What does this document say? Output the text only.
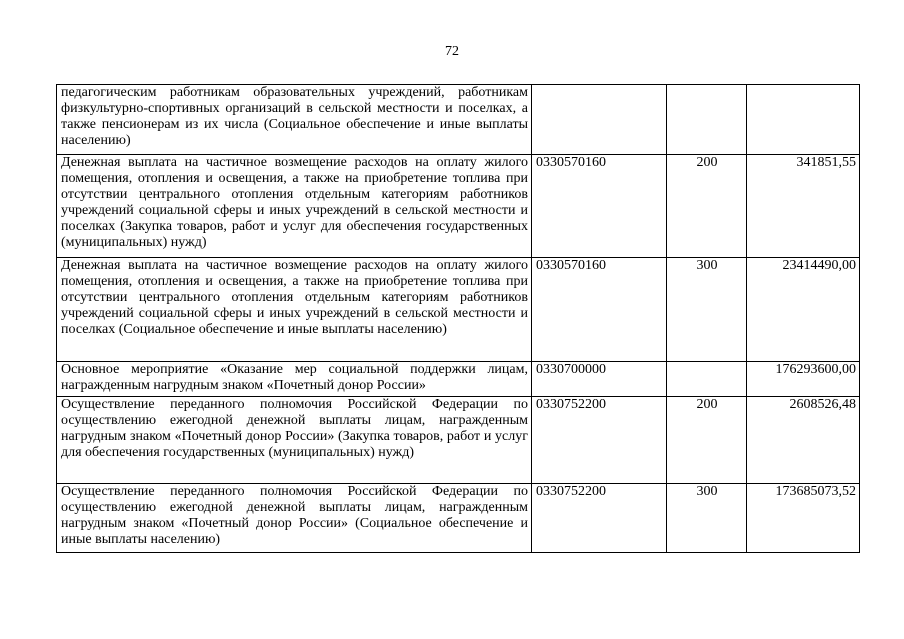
72
педагогическим работникам образовательных учреждений, работникам физкультурно-спортивных организаций в сельской местности и поселках, а также пенсионерам из их числа (Социальное обеспечение и иные выплаты населению)			
Денежная выплата на частичное возмещение расходов на оплату жилого помещения, отопления и освещения, а также на приобретение топлива при отсутствии центрального отопления отдельным категориям работников учреждений социальной сферы и иных учреждений в сельской местности и поселках (Закупка товаров, работ и услуг для обеспечения государственных (муниципальных) нужд)	0330570160	200	341851,55
Денежная выплата на частичное возмещение расходов на оплату жилого помещения, отопления и освещения, а также на приобретение топлива при отсутствии центрального отопления отдельным категориям работников учреждений социальной сферы и иных учреждений в сельской местности и поселках (Социальное обеспечение и иные выплаты населению)	0330570160	300	23414490,00
Основное мероприятие «Оказание мер социальной поддержки лицам, награжденным нагрудным знаком «Почетный донор России»	0330700000		176293600,00
Осуществление переданного полномочия Российской Федерации по осуществлению ежегодной денежной выплаты лицам, награжденным нагрудным знаком «Почетный донор России» (Закупка товаров, работ и услуг для обеспечения государственных (муниципальных) нужд)	0330752200	200	2608526,48
Осуществление переданного полномочия Российской Федерации по осуществлению ежегодной денежной выплаты лицам, награжденным нагрудным знаком «Почетный донор России» (Социальное обеспечение и иные выплаты населению)	0330752200	300	173685073,52
